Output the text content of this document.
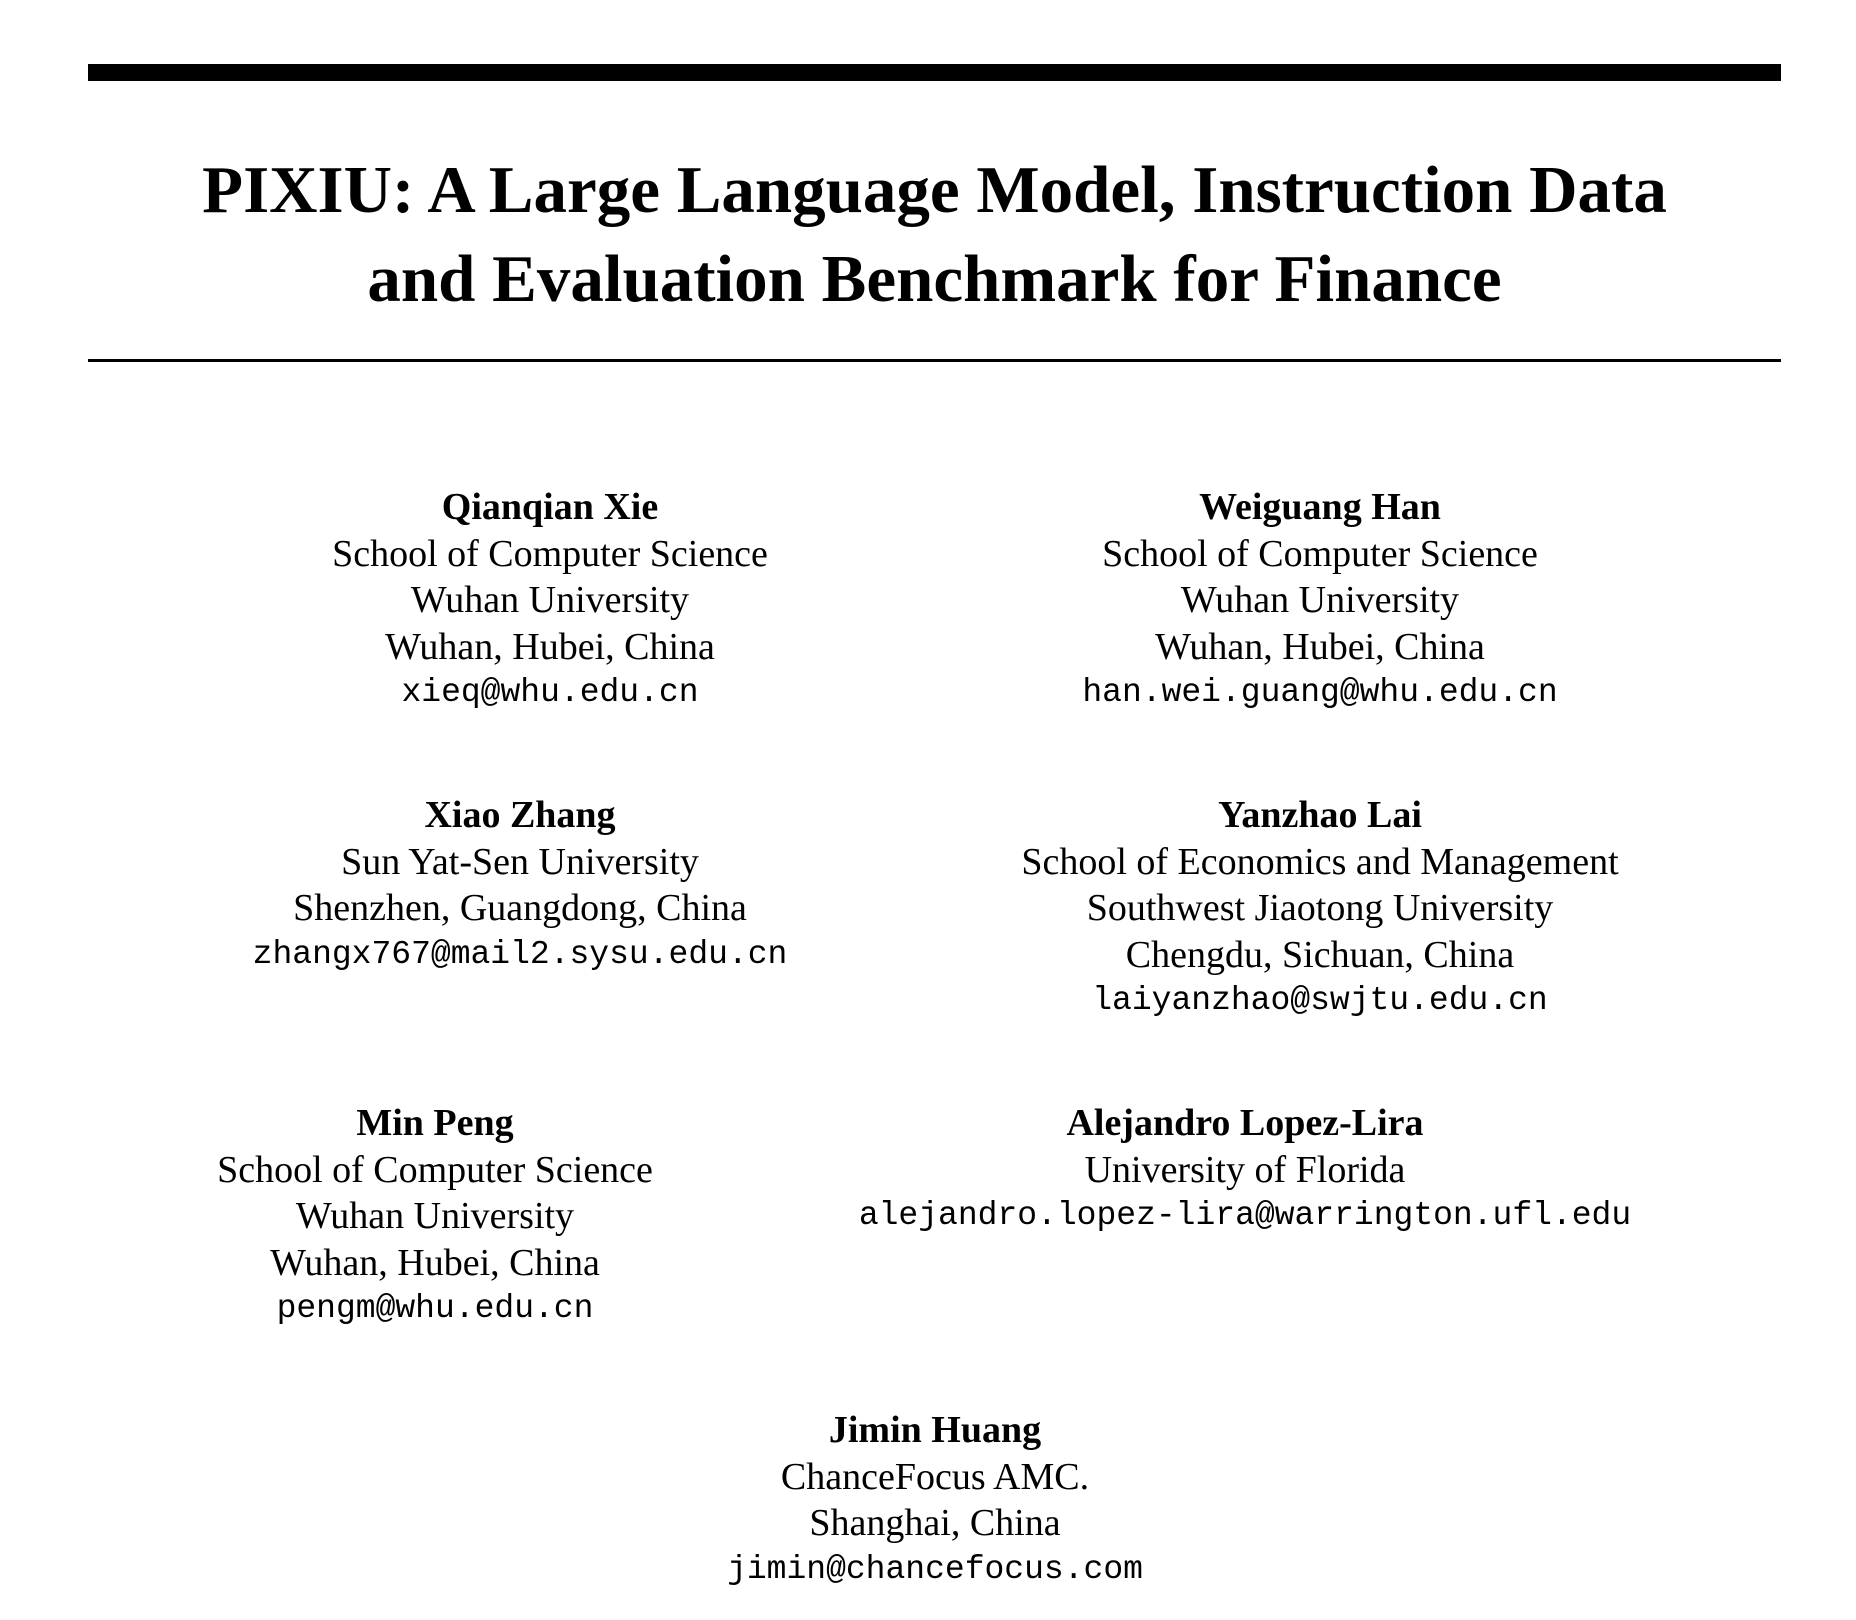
PIXIU: A Large Language Model, Instruction Data
and Evaluation Benchmark for Finance
Qianqian Xie
School of Computer Science
Wuhan University
Wuhan, Hubei, China
xieq@whu.edu.cn
Weiguang Han
School of Computer Science
Wuhan University
Wuhan, Hubei, China
han.wei.guang@whu.edu.cn
Xiao Zhang
Sun Yat-Sen University
Shenzhen, Guangdong, China
zhangx767@mail2.sysu.edu.cn
Yanzhao Lai
School of Economics and Management
Southwest Jiaotong University
Chengdu, Sichuan, China
laiyanzhao@swjtu.edu.cn
Min Peng
School of Computer Science
Wuhan University
Wuhan, Hubei, China
pengm@whu.edu.cn
Alejandro Lopez-Lira
University of Florida
alejandro.lopez-lira@warrington.ufl.edu
Jimin Huang
ChanceFocus AMC.
Shanghai, China
jimin@chancefocus.com
